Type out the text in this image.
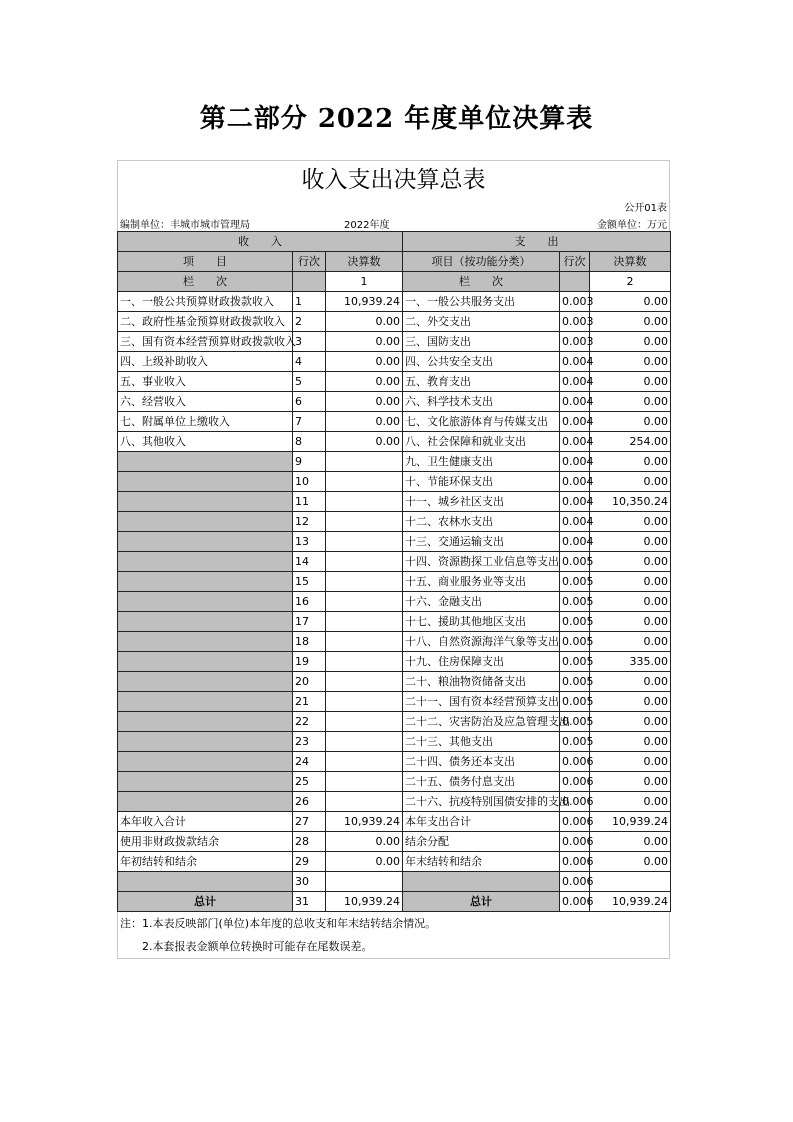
第二部分 2022 年度单位决算表
收入支出决算总表
公开01表
编制单位：丰城市城市管理局	2022年度	金额单位：万元
收　　入			支　　出		
项　　目	行次	决算数	项目（按功能分类）	行次	决算数
栏　　次		1	栏　　次		2
一、一般公共预算财政拨款收入	1	10,939.24	一、一般公共服务支出	0.003	0.00
二、政府性基金预算财政拨款收入	2	0.00	二、外交支出	0.003	0.00
三、国有资本经营预算财政拨款收入	3	0.00	三、国防支出	0.003	0.00
四、上级补助收入	4	0.00	四、公共安全支出	0.004	0.00
五、事业收入	5	0.00	五、教育支出	0.004	0.00
六、经营收入	6	0.00	六、科学技术支出	0.004	0.00
七、附属单位上缴收入	7	0.00	七、文化旅游体育与传媒支出	0.004	0.00
八、其他收入	8	0.00	八、社会保障和就业支出	0.004	254.00
	9		九、卫生健康支出	0.004	0.00
	10		十、节能环保支出	0.004	0.00
	11		十一、城乡社区支出	0.004	10,350.24
	12		十二、农林水支出	0.004	0.00
	13		十三、交通运输支出	0.004	0.00
	14		十四、资源勘探工业信息等支出	0.005	0.00
	15		十五、商业服务业等支出	0.005	0.00
	16		十六、金融支出	0.005	0.00
	17		十七、援助其他地区支出	0.005	0.00
	18		十八、自然资源海洋气象等支出	0.005	0.00
	19		十九、住房保障支出	0.005	335.00
	20		二十、粮油物资储备支出	0.005	0.00
	21		二十一、国有资本经营预算支出	0.005	0.00
	22		二十二、灾害防治及应急管理支出	0.005	0.00
	23		二十三、其他支出	0.005	0.00
	24		二十四、债务还本支出	0.006	0.00
	25		二十五、债务付息支出	0.006	0.00
	26		二十六、抗疫特别国债安排的支出	0.006	0.00
本年收入合计	27	10,939.24	本年支出合计	0.006	10,939.24
使用非财政拨款结余	28	0.00	结余分配	0.006	0.00
年初结转和结余	29	0.00	年末结转和结余	0.006	0.00
	30			0.006	
总计	31	10,939.24	总计	0.006	10,939.24
注：1.本表反映部门(单位)本年度的总收支和年末结转结余情况。
2.本套报表金额单位转换时可能存在尾数误差。
